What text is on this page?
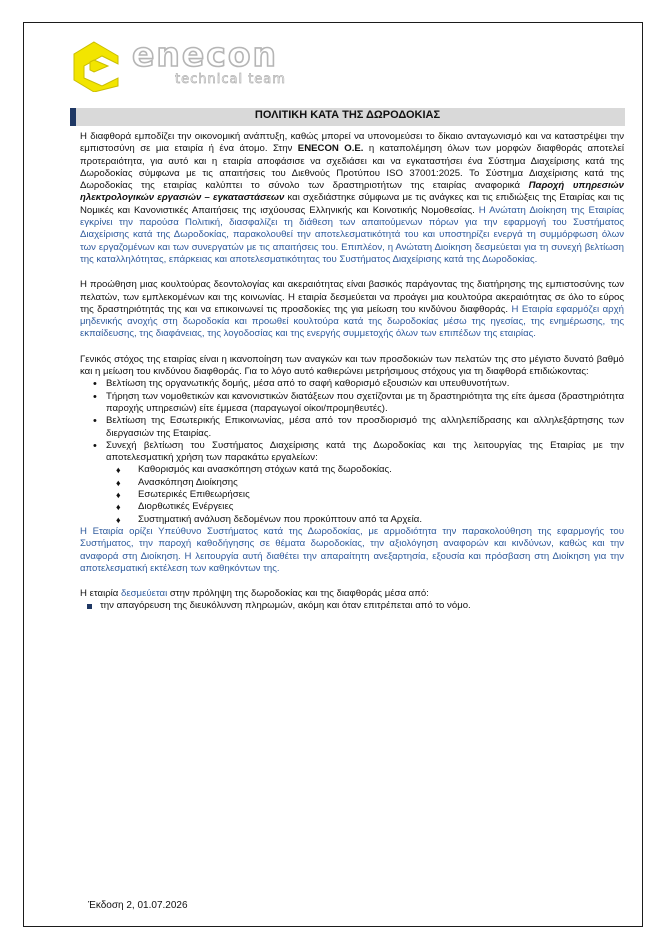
enecon
technical team
ΠΟΛΙΤΙΚΗ ΚΑΤΑ ΤΗΣ ΔΩΡΟΔΟΚΙΑΣ

Η διαφθορά εμποδίζει την οικονομική ανάπτυξη, καθώς μπορεί να υπονομεύσει το δίκαιο ανταγωνισμό και να καταστρέψει την εμπιστοσύνη σε μια εταιρία ή ένα άτομο. Στην ENECON O.E. η καταπολέμηση όλων των μορφών διαφθοράς αποτελεί προτεραιότητα, για αυτό και η εταιρία αποφάσισε να σχεδιάσει και να εγκαταστήσει ένα Σύστημα Διαχείρισης κατά της Δωροδοκίας σύμφωνα με τις απαιτήσεις του Διεθνούς Προτύπου ISO 37001:2025. Το Σύστημα Διαχείρισης κατά της Δωροδοκίας της εταιρίας καλύπτει το σύνολο των δραστηριοτήτων της εταιρίας αναφορικά Παροχή υπηρεσιών ηλεκτρολογικών εργασιών – εγκαταστάσεων και σχεδιάστηκε σύμφωνα με τις ανάγκες και τις επιδιώξεις της Εταιρίας και τις Νομικές και Κανονιστικές Απαιτήσεις της ισχύουσας Ελληνικής και Κοινοτικής Νομοθεσίας. Η Ανώτατη Διοίκηση της Εταιρίας εγκρίνει την παρούσα Πολιτική, διασφαλίζει τη διάθεση των απαιτούμενων πόρων για την εφαρμογή του Συστήματος Διαχείρισης κατά της Δωροδοκίας, παρακολουθεί την αποτελεσματικότητά του και υποστηρίζει ενεργά τη συμμόρφωση όλων των εργαζομένων και των συνεργατών με τις απαιτήσεις του. Επιπλέον, η Ανώτατη Διοίκηση δεσμεύεται για τη συνεχή βελτίωση της καταλληλότητας, επάρκειας και αποτελεσματικότητας του Συστήματος Διαχείρισης κατά της Δωροδοκίας.

Η προώθηση μιας κουλτούρας δεοντολογίας και ακεραιότητας είναι βασικός παράγοντας της διατήρησης της εμπιστοσύνης των πελατών, των εμπλεκομένων και της κοινωνίας. Η εταιρία δεσμεύεται να προάγει μια κουλτούρα ακεραιότητας σε όλο το εύρος της δραστηριότητάς της και να επικοινωνεί τις προσδοκίες της για μείωση του κινδύνου διαφθοράς. Η Εταιρία εφαρμόζει αρχή μηδενικής ανοχής στη δωροδοκία και προωθεί κουλτούρα κατά της δωροδοκίας μέσω της ηγεσίας, της ενημέρωσης, της εκπαίδευσης, της διαφάνειας, της λογοδοσίας και της ενεργής συμμετοχής όλων των επιπέδων της εταιρίας.

Γενικός στόχος της εταιρίας είναι η ικανοποίηση των αναγκών και των προσδοκιών των πελατών της στο μέγιστο δυνατό βαθμό και η μείωση του κινδύνου διαφθοράς. Για το λόγο αυτό καθιερώνει μετρήσιμους στόχους για τη διαφθορά επιδιώκοντας:
• Βελτίωση της οργανωτικής δομής, μέσα από το σαφή καθορισμό εξουσιών και υπευθυνοτήτων.
• Τήρηση των νομοθετικών και κανονιστικών διατάξεων που σχετίζονται με τη δραστηριότητα της είτε άμεσα (δραστηριότητα παροχής υπηρεσιών) είτε έμμεσα (παραγωγοί οίκοι/προμηθευτές).
• Βελτίωση της Εσωτερικής Επικοινωνίας, μέσα από τον προσδιορισμό της αλληλεπίδρασης και αλληλεξάρτησης των διεργασιών της Εταιρίας.
• Συνεχή βελτίωση του Συστήματος Διαχείρισης κατά της Δωροδοκίας και της λειτουργίας της Εταιρίας με την αποτελεσματική χρήση των παρακάτω εργαλείων:
♦ Καθορισμός και ανασκόπηση στόχων κατά της δωροδοκίας.
♦ Ανασκόπηση Διοίκησης
♦ Εσωτερικές Επιθεωρήσεις
♦ Διορθωτικές Ενέργειες
♦ Συστηματική ανάλυση δεδομένων που προκύπτουν από τα Αρχεία.
Η Εταιρία ορίζει Υπεύθυνο Συστήματος κατά της Δωροδοκίας, με αρμοδιότητα την παρακολούθηση της εφαρμογής του Συστήματος, την παροχή καθοδήγησης σε θέματα δωροδοκίας, την αξιολόγηση αναφορών και κινδύνων, καθώς και την αναφορά στη Διοίκηση. Η λειτουργία αυτή διαθέτει την απαραίτητη ανεξαρτησία, εξουσία και πρόσβαση στη Διοίκηση για την αποτελεσματική εκτέλεση των καθηκόντων της.
Η εταιρία δεσμεύεται στην πρόληψη της δωροδοκίας και της διαφθοράς μέσα από:
την απαγόρευση της διευκόλυνση πληρωμών, ακόμη και όταν επιτρέπεται από το νόμο.
Έκδοση 2, 01.07.2026
